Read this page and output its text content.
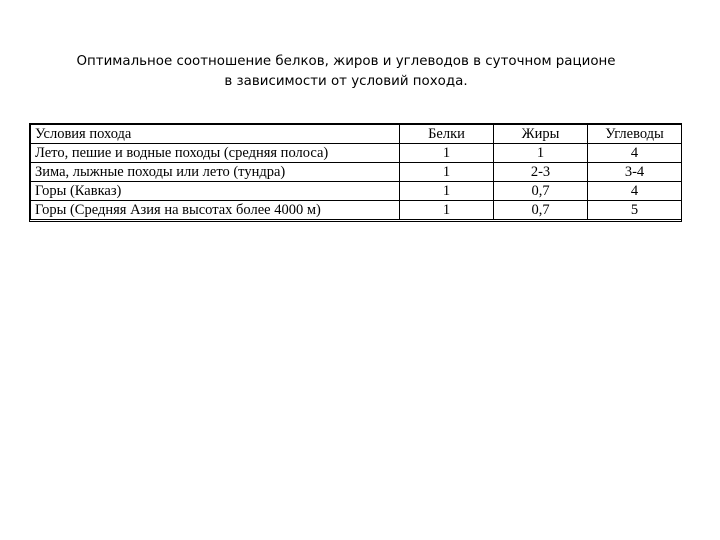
Оптимальное соотношение белков, жиров и углеводов в суточном рационе
в зависимости от условий похода.
Условия похода	Белки	Жиры	Углеводы
Лето, пешие и водные походы (средняя полоса)	1	1	4
Зима, лыжные походы или лето (тундра)	1	2-3	3-4
Горы (Кавказ)	1	0,7	4
Горы (Средняя Азия на высотах более 4000 м)	1	0,7	5
